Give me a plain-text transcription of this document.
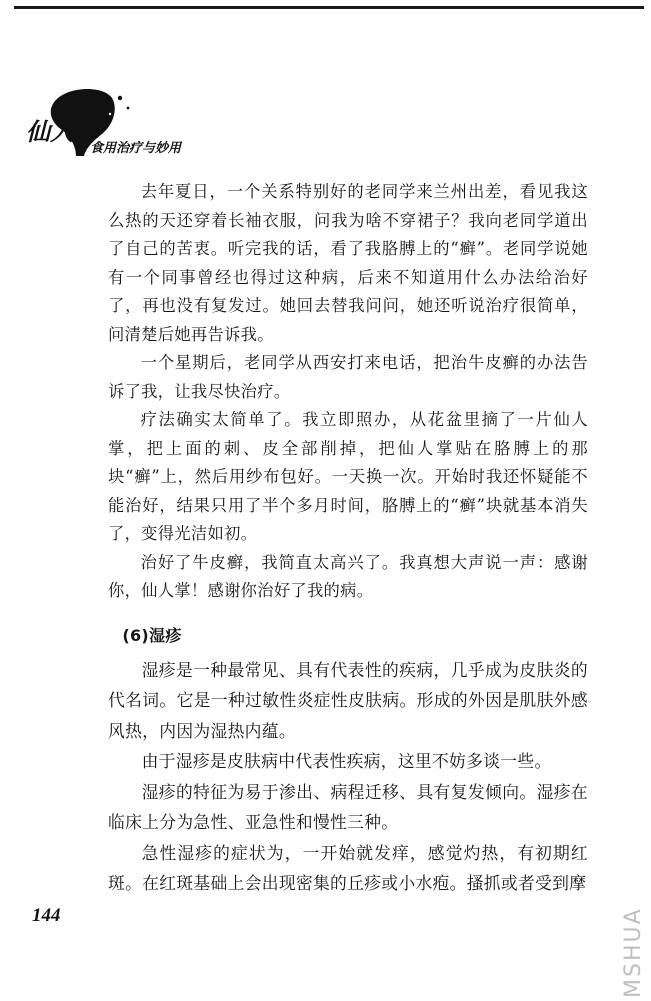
仙人掌
食用治疗与妙用

去年夏日，一个关系特别好的老同学来兰州出差，看见我这么热的天还穿着长袖衣服，问我为啥不穿裙子？我向老同学道出了自己的苦衷。听完我的话，看了我胳膊上的“癣”。老同学说她有一个同事曾经也得过这种病，后来不知道用什么办法给治好了，再也没有复发过。她回去替我问问，她还听说治疗很简单，问清楚后她再告诉我。

一个星期后，老同学从西安打来电话，把治牛皮癣的办法告诉了我，让我尽快治疗。

疗法确实太简单了。我立即照办，从花盆里摘了一片仙人掌，把上面的刺、皮全部削掉，把仙人掌贴在胳膊上的那块“癣”上，然后用纱布包好。一天换一次。开始时我还怀疑能不能治好，结果只用了半个多月时间，胳膊上的“癣”块就基本消失了，变得光洁如初。

治好了牛皮癣，我简直太高兴了。我真想大声说一声：感谢你，仙人掌！感谢你治好了我的病。

(6)湿疹

湿疹是一种最常见、具有代表性的疾病，几乎成为皮肤炎的代名词。它是一种过敏性炎症性皮肤病。形成的外因是肌肤外感风热，内因为湿热内蕴。

由于湿疹是皮肤病中代表性疾病，这里不妨多谈一些。

湿疹的特征为易于渗出、病程迁移、具有复发倾向。湿疹在临床上分为急性、亚急性和慢性三种。

急性湿疹的症状为，一开始就发痒，感觉灼热，有初期红斑。在红斑基础上会出现密集的丘疹或小水疱。搔抓或者受到摩

144	MSHUA
